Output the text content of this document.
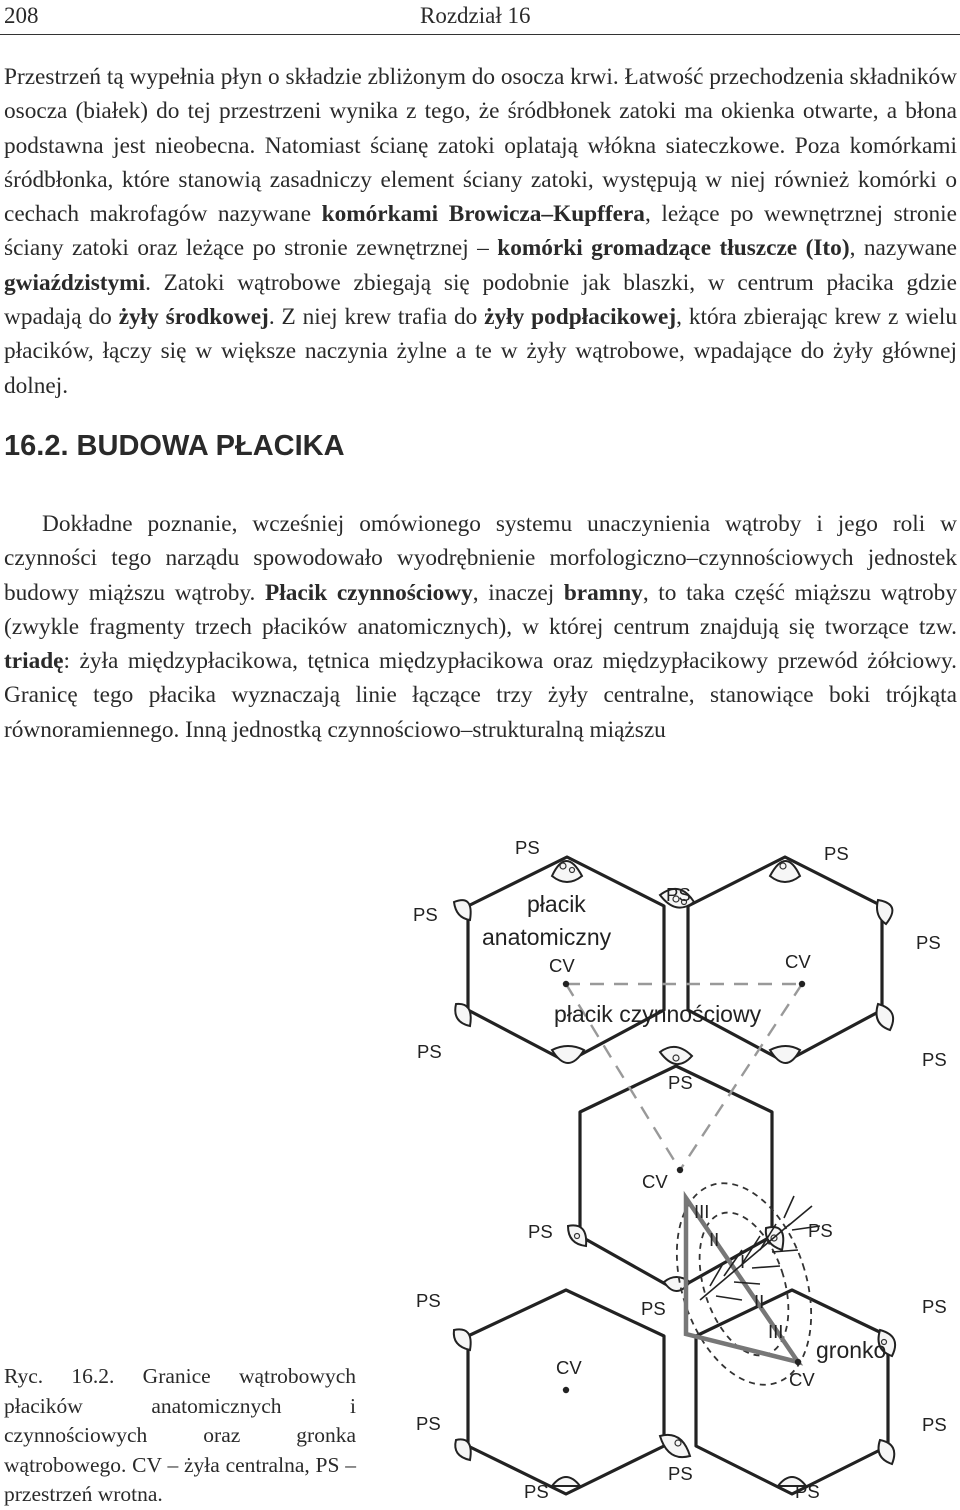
208	Rozdział 16
Przestrzeń tą wypełnia płyn o składzie zbliżonym do osocza krwi. Łatwość przechodzenia składników osocza (białek) do tej przestrzeni wynika z tego, że śródbłonek zatoki ma okienka otwarte, a błona podstawna jest nieobecna. Natomiast ścianę zatoki oplatają włókna siateczkowe. Poza komórkami śródbłonka, które stanowią zasadniczy element ściany zatoki, występują w niej również komórki o cechach makrofagów nazywane komórkami Browicza–Kupffera, leżące po wewnętrznej stronie ściany zatoki oraz leżące po stronie zewnętrznej – komórki gromadzące tłuszcze (Ito), nazywane gwiaździstymi. Zatoki wątrobowe zbiegają się podobnie jak blaszki, w centrum płacika gdzie wpadają do żyły środkowej. Z niej krew trafia do żyły podpłacikowej, która zbierając krew z wielu płacików, łączy się w większe naczynia żylne a te w żyły wątrobowe, wpadające do żyły głównej dolnej.
16.2. BUDOWA PŁACIKA
Dokładne poznanie, wcześniej omówionego systemu unaczynienia wątroby i jego roli w czynności tego narządu spowodowało wyodrębnienie morfologiczno–czynnościowych jednostek budowy miąższu wątroby. Płacik czynnościowy, inaczej bramny, to taka część miąższu wątroby (zwykle fragmenty trzech płacików anatomicznych), w której centrum znajdują się tworzące tzw. triadę: żyła międzypłacikowa, tętnica międzypłacikowa oraz międzypłacikowy przewód żółciowy. Granicę tego płacika wyznaczają linie łączące trzy żyły centralne, stanowiące boki trójkąta równoramiennego. Inną jednostką czynnościowo–strukturalną miąższu
Ryc. 16.2. Granice wątrobowych płacików anatomicznych i czynnościowych oraz gronka wątrobowego. CV – żyła centralna, PS – przestrzeń wrotna.
PS	PS
PS
PS
PS
PS	PS
PS
PS	PS
PS	PS	PS
PS	PS
PS
PS	PS
CV	CV
CV
CV
CV
III
II
I
II
III
płacik
anatomiczny
płacik czynnościowy
gronko
